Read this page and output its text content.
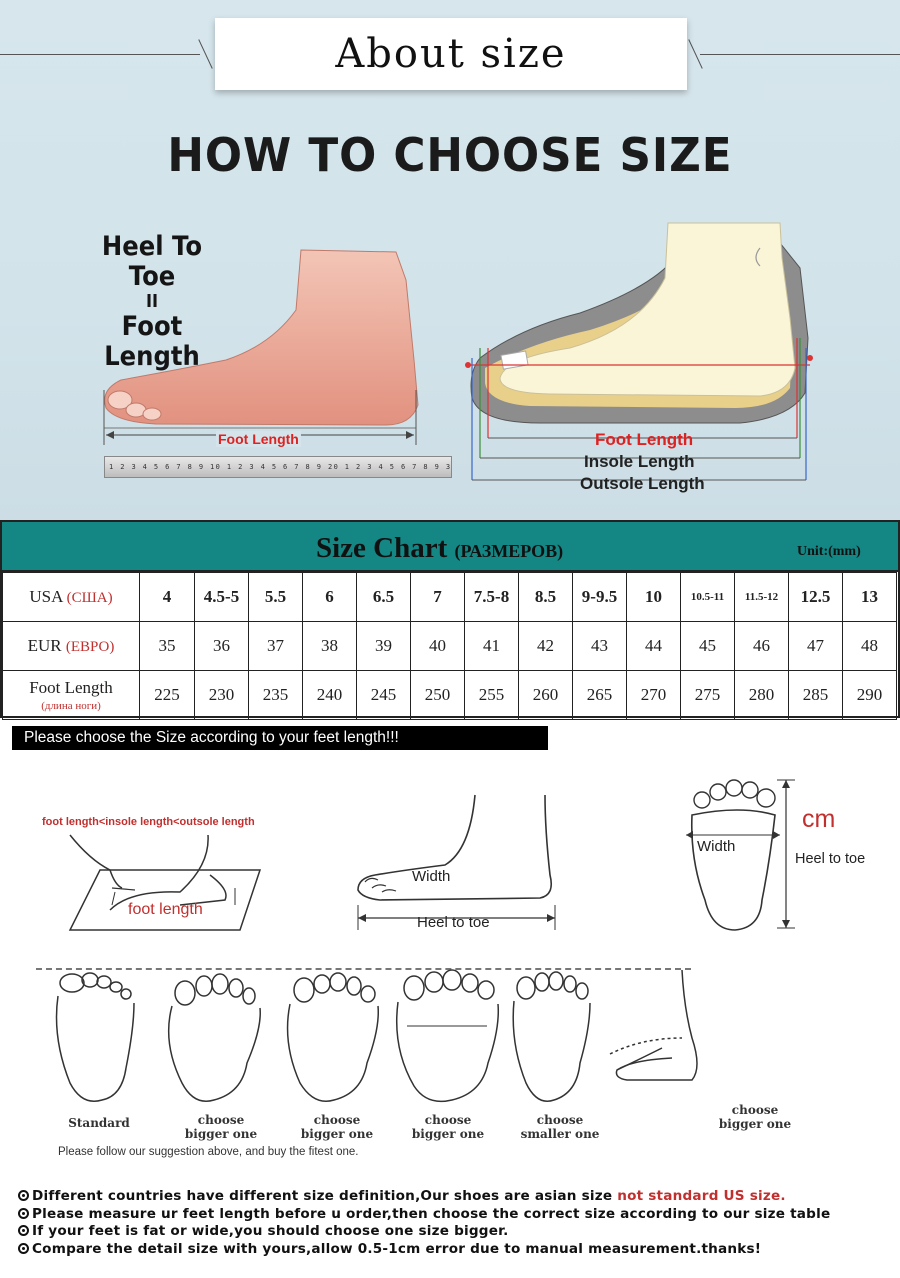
About size
HOW TO CHOOSE SIZE
Heel To Toe
II
Foot Length
Foot Length
1 2 3 4 5 6 7 8 9 10 1 2 3 4 5 6 7 8 9 20 1 2 3 4 5 6 7 8 9 3
Foot Length
Insole Length
Outsole Length
Size Chart (РАЗМЕРОВ)	Unit:(mm)
USA (США)	4	4.5-5	5.5	6	6.5	7	7.5-8	8.5	9-9.5	10	10.5-11	11.5-12	12.5	13
EUR (ЕВРО)	35	36	37	38	39	40	41	42	43	44	45	46	47	48
Foot Length
(длина ноги)	225	230	235	240	245	250	255	260	265	270	275	280	285	290
Please choose the Size according to your feet length!!!
foot length<insole length<outsole length
foot length
Width
Heel to toe
Width
cm
Heel to toe
Standard	choose
bigger one
choose
bigger one
choose
bigger one
choose
smaller one
choose
bigger one
Please follow our suggestion above, and buy the fitest one.
Different countries have different size definition,Our shoes are asian size not standard US size.
Please measure ur feet length before u order,then choose the correct size according to our size table
If your feet is fat or wide,you should choose one size bigger.
Compare the detail size with yours,allow 0.5-1cm error due to manual measurement.thanks!
